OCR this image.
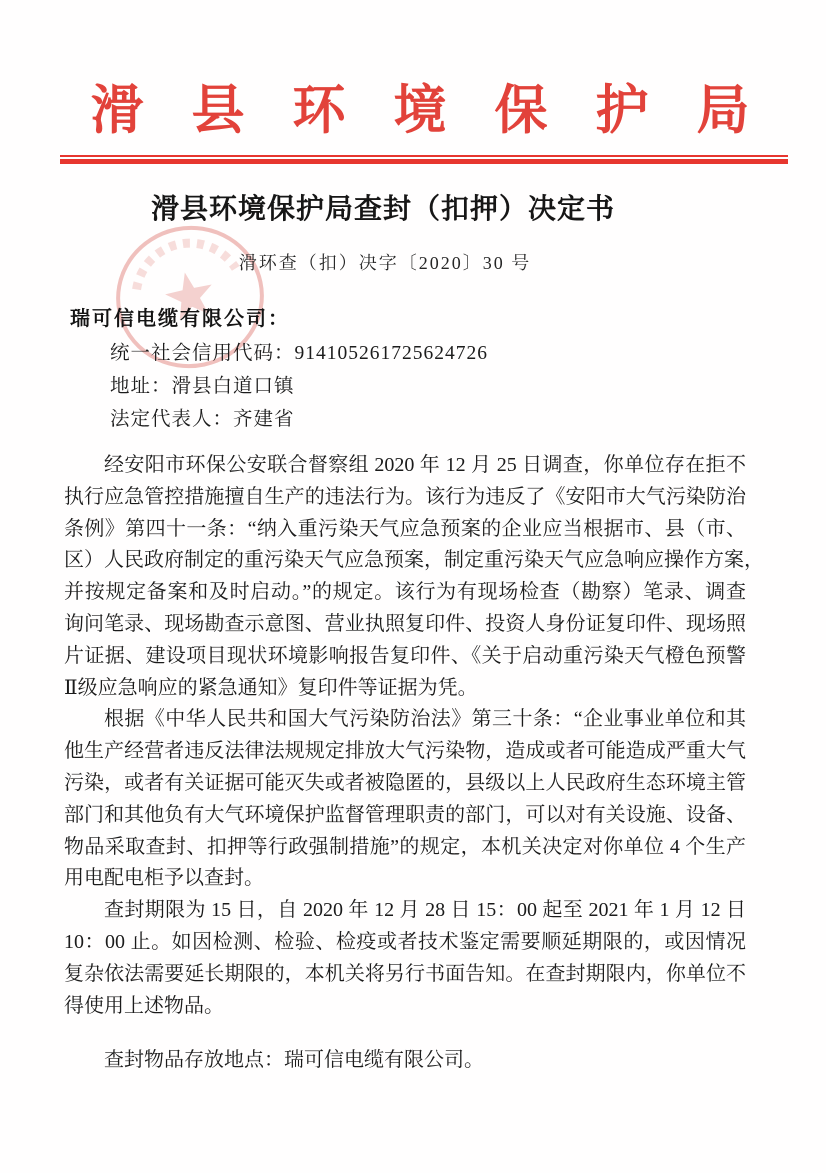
滑县环境保护局
滑县环境保护局查封（扣押）决定书
滑环查（扣）决字〔2020〕30 号
瑞可信电缆有限公司：
统一社会信用代码：914105261725624726
地址：滑县白道口镇
法定代表人：齐建省
经安阳市环保公安联合督察组 2020 年 12 月 25 日调查，你单位存在拒不
执行应急管控措施擅自生产的违法行为。该行为违反了《安阳市大气污染防治
条例》第四十一条：“纳入重污染天气应急预案的企业应当根据市、县（市、
区）人民政府制定的重污染天气应急预案，制定重污染天气应急响应操作方案，
并按规定备案和及时启动。”的规定。该行为有现场检查（勘察）笔录、调查
询问笔录、现场勘查示意图、营业执照复印件、投资人身份证复印件、现场照
片证据、建设项目现状环境影响报告复印件、《关于启动重污染天气橙色预警
Ⅱ级应急响应的紧急通知》复印件等证据为凭。
根据《中华人民共和国大气污染防治法》第三十条：“企业事业单位和其
他生产经营者违反法律法规规定排放大气污染物，造成或者可能造成严重大气
污染，或者有关证据可能灭失或者被隐匿的，县级以上人民政府生态环境主管
部门和其他负有大气环境保护监督管理职责的部门，可以对有关设施、设备、
物品采取查封、扣押等行政强制措施”的规定，本机关决定对你单位 4 个生产
用电配电柜予以查封。
查封期限为 15 日，自 2020 年 12 月 28 日 15：00 起至 2021 年 1 月 12 日
10：00 止。如因检测、检验、检疫或者技术鉴定需要顺延期限的，或因情况
复杂依法需要延长期限的，本机关将另行书面告知。在查封期限内，你单位不
得使用上述物品。
查封物品存放地点：瑞可信电缆有限公司。
